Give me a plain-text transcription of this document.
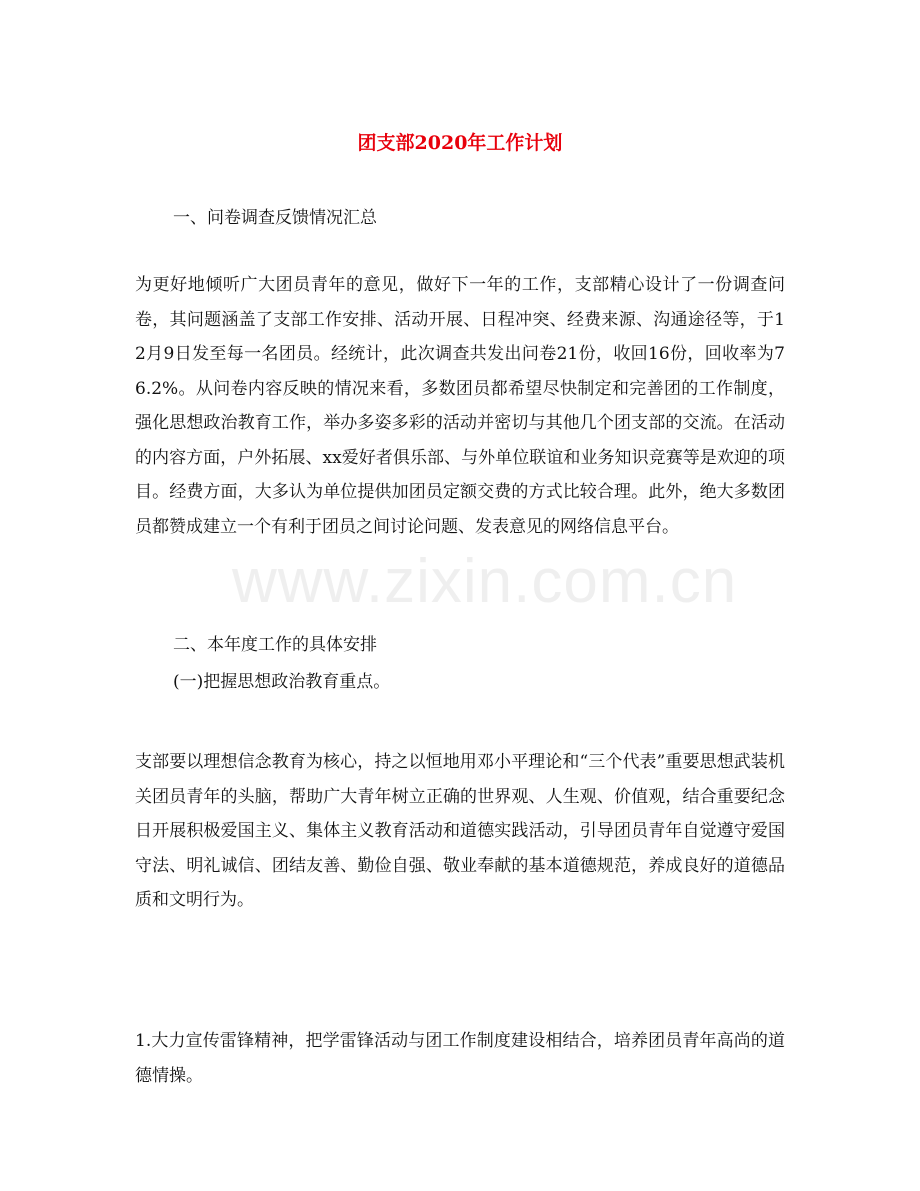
www.zixin.com.cn
团支部2020年工作计划
一、问卷调查反馈情况汇总
为更好地倾听广大团员青年的意见，做好下一年的工作，支部精心设计了一份调查问卷，其问题涵盖了支部工作安排、活动开展、日程冲突、经费来源、沟通途径等，于12月9日发至每一名团员。经统计，此次调查共发出问卷21份，收回16份，回收率为76.2%。从问卷内容反映的情况来看，多数团员都希望尽快制定和完善团的工作制度，强化思想政治教育工作，举办多姿多彩的活动并密切与其他几个团支部的交流。在活动的内容方面，户外拓展、xx爱好者俱乐部、与外单位联谊和业务知识竞赛等是欢迎的项目。经费方面，大多认为单位提供加团员定额交费的方式比较合理。此外，绝大多数团员都赞成建立一个有利于团员之间讨论问题、发表意见的网络信息平台。
二、本年度工作的具体安排
(一)把握思想政治教育重点。
支部要以理想信念教育为核心，持之以恒地用邓小平理论和“三个代表”重要思想武装机关团员青年的头脑，帮助广大青年树立正确的世界观、人生观、价值观，结合重要纪念日开展积极爱国主义、集体主义教育活动和道德实践活动，引导团员青年自觉遵守爱国守法、明礼诚信、团结友善、勤俭自强、敬业奉献的基本道德规范，养成良好的道德品质和文明行为。
1.大力宣传雷锋精神，把学雷锋活动与团工作制度建设相结合，培养团员青年高尚的道德情操。
